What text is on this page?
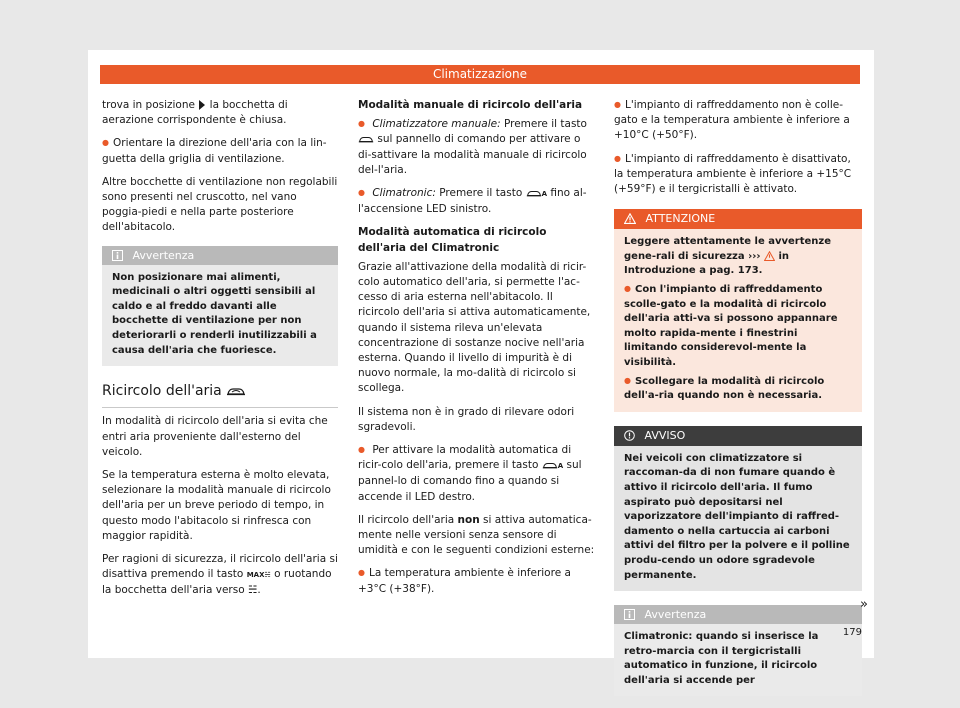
Climatizzazione

trova in posizione la bocchetta di aerazione corrispondente è chiusa.

● Orientare la direzione dell'aria con la lin-guetta della griglia di ventilazione.

Altre bocchette di ventilazione non regolabili sono presenti nel cruscotto, nel vano poggia-piedi e nella parte posteriore dell'abitacolo.

Avvertenza
Non posizionare mai alimenti, medicinali o altri oggetti sensibili al caldo e al freddo davanti alle bocchette di ventilazione per non deteriorarli o renderli inutilizzabili a causa dell'aria che fuoriesce.
Ricircolo dell'aria

In modalità di ricircolo dell'aria si evita che entri aria proveniente dall'esterno del veicolo.

Se la temperatura esterna è molto elevata, selezionare la modalità manuale di ricircolo dell'aria per un breve periodo di tempo, in questo modo l'abitacolo si rinfresca con maggior rapidità.

Per ragioni di sicurezza, il ricircolo dell'aria si disattiva premendo il tasto MAX☵ o ruotando la bocchetta dell'aria verso ☵.

Modalità manuale di ricircolo dell'aria

● Climatizzatore manuale: Premere il tasto
sul pannello di comando per attivare o di-sattivare la modalità manuale di ricircolo del-l'aria.

● Climatronic: Premere il tasto	A fino al-l'accensione LED sinistro.

Modalità automatica di ricircolo dell'aria del Climatronic

Grazie all'attivazione della modalità di ricir-colo automatico dell'aria, si permette l'ac-cesso di aria esterna nell'abitacolo. Il ricircolo dell'aria si attiva automaticamente, quando il sistema rileva un'elevata concentrazione di sostanze nocive nell'aria esterna. Quando il livello di impurità è di nuovo normale, la mo-dalità di ricircolo si scollega.

Il sistema non è in grado di rilevare odori sgradevoli.

● Per attivare la modalità automatica di ricir-colo dell'aria, premere il tasto	A sul pannel-lo di comando fino a quando si accende il LED destro.

Il ricircolo dell'aria non si attiva automatica-mente nelle versioni senza sensore di umidità e con le seguenti condizioni esterne:

● La temperatura ambiente è inferiore a +3°C (+38°F).

● L'impianto di raffreddamento non è colle-gato e la temperatura ambiente è inferiore a +10°C (+50°F).

● L'impianto di raffreddamento è disattivato, la temperatura ambiente è inferiore a +15°C (+59°F) e il tergicristalli è attivato.

ATTENZIONE

Leggere attentamente le avvertenze gene-rali di sicurezza ››› in Introduzione a pag. 173.

● Con l'impianto di raffreddamento scolle-gato e la modalità di ricircolo dell'aria atti-va si possono appannare molto rapida-mente i finestrini limitando considerevol-mente la visibilità.

● Scollegare la modalità di ricircolo dell'a-ria quando non è necessaria.

AVVISO
Nei veicoli con climatizzatore si raccoman-da di non fumare quando è attivo il ricircolo dell'aria. Il fumo aspirato può depositarsi nel vaporizzatore dell'impianto di raffred-damento o nella cartuccia ai carboni attivi del filtro per la polvere e il polline produ-cendo un odore sgradevole permanente.
Avvertenza
Climatronic: quando si inserisce la retro-marcia con il tergicristalli automatico in funzione, il ricircolo dell'aria si accende per
»
179
